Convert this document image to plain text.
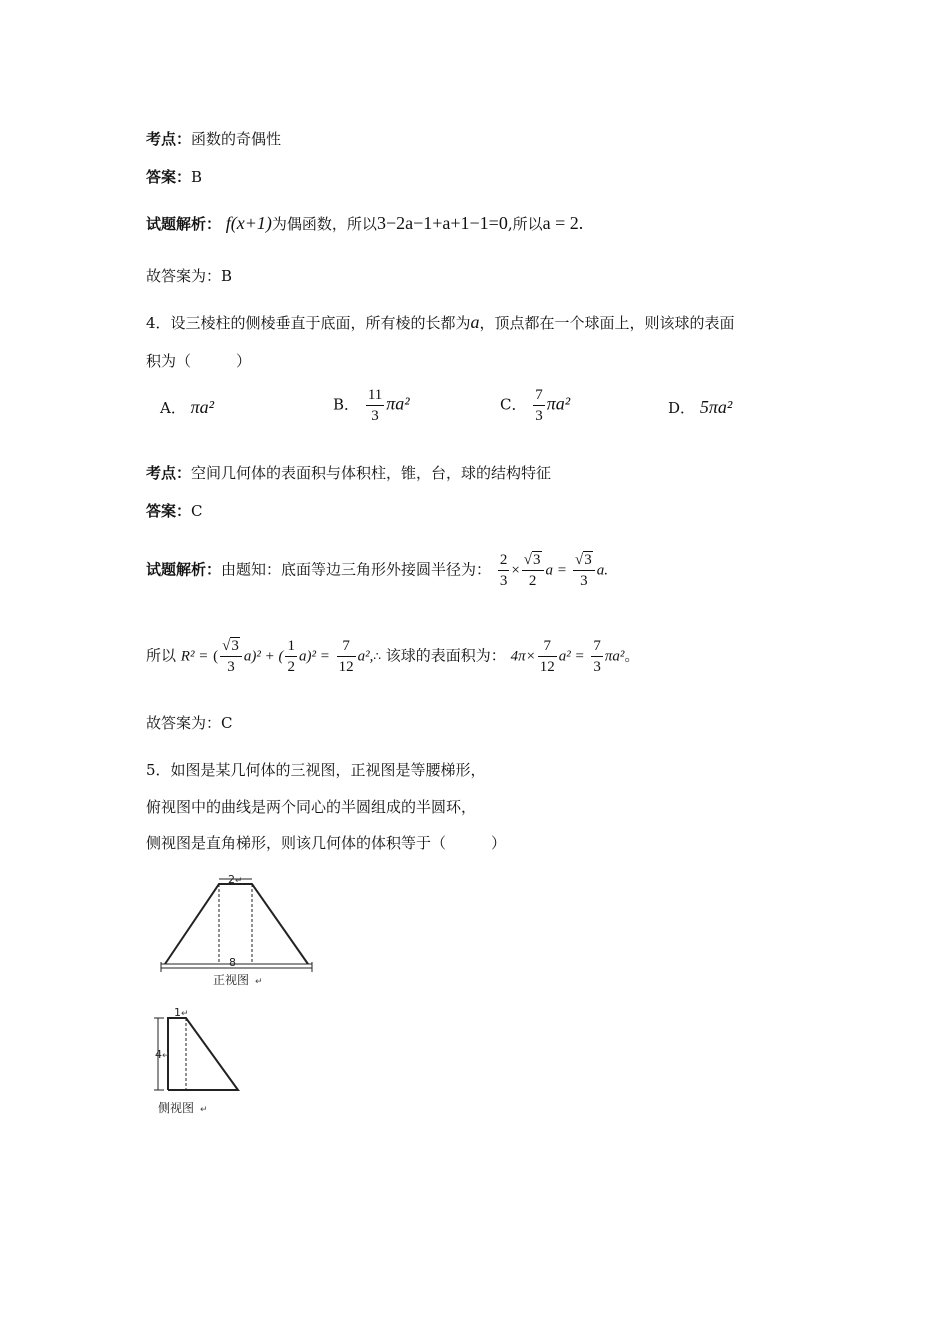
考点：函数的奇偶性
答案：B
试题解析： f(x+1)为偶函数，所以3−2a−1+a+1−1=0,所以a = 2.
故答案为：B
4．设三棱柱的侧棱垂直于底面，所有棱的长都为a，顶点都在一个球面上，则该球的表面
积为（　　　）
A． πa²	B． $\frac{11}{3} \pi a^2$	C． $\frac{7}{3} \pi a^2$	D． 5πa²
考点：空间几何体的表面积与体积柱，锥，台，球的结构特征
答案：C
试题解析：由题知：底面等边三角形外接圆半径为： $\frac{2}{3} \times \frac{√3}{2}$ $a = \frac{√3}{3} a$.
所以 R² = ( $\frac{√3}{3} a)^2$ + ( $\frac{1}{2} a)^2 = \frac{7}{12}$ a²,∴ 该球的表面积为： $4\pi\times \frac{7}{12} a^2 = \frac{7}{3} \pi a^2$。
故答案为：C
5．如图是某几何体的三视图，正视图是等腰梯形，
俯视图中的曲线是两个同心的半圆组成的半圆环，
侧视图是直角梯形，则该几何体的体积等于（　　　）
2 ↵
8
正视图 ↵
1 ↵
4 ↵
侧视图 ↵
